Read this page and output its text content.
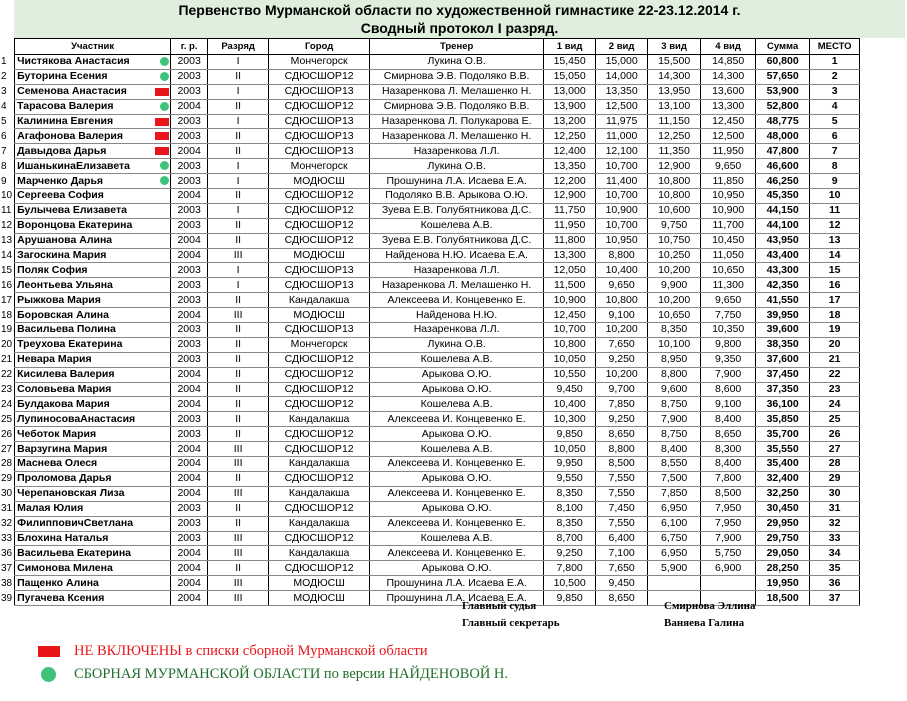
Первенство Мурманской области по художественной гимнастике 22-23.12.2014 г.
Сводный протокол I разряд.
	Участник	г. р.	Разряд	Город	Тренер	1 вид	2 вид	3 вид	4 вид	Сумма	МЕСТО
1	Чистякова Анастасия	2003	I	Мончегорск	Лукина О.В.	15,450	15,000	15,500	14,850	60,800	1
2	Буторина Есения	2003	II	СДЮСШОР12	Смирнова Э.В. Подоляко В.В.	15,050	14,000	14,300	14,300	57,650	2
3	Семенова Анастасия	2003	I	СДЮСШОР13	Назаренкова Л. Мелашенко Н.	13,000	13,350	13,950	13,600	53,900	3
4	Тарасова Валерия	2004	II	СДЮСШОР12	Смирнова Э.В. Подоляко В.В.	13,900	12,500	13,100	13,300	52,800	4
5	Калинина Евгения	2003	I	СДЮСШОР13	Назаренкова Л. Полукарова Е.	13,200	11,975	11,150	12,450	48,775	5
6	Агафонова Валерия	2003	II	СДЮСШОР13	Назаренкова Л. Мелашенко Н.	12,250	11,000	12,250	12,500	48,000	6
7	Давыдова Дарья	2004	II	СДЮСШОР13	Назаренкова Л.Л.	12,400	12,100	11,350	11,950	47,800	7
8	ИшанькинаЕлизавета	2003	I	Мончегорск	Лукина О.В.	13,350	10,700	12,900	9,650	46,600	8
9	Марченко Дарья	2003	I	МОДЮСШ	Прошунина Л.А. Исаева Е.А.	12,200	11,400	10,800	11,850	46,250	9
10	Сергеева София	2004	II	СДЮСШОР12	Подоляко В.В. Арыкова О.Ю.	12,900	10,700	10,800	10,950	45,350	10
11	Булычева Елизавета	2003	I	СДЮСШОР12	Зуева Е.В. Голубятникова Д.С.	11,750	10,900	10,600	10,900	44,150	11
12	Воронцова Екатерина	2003	II	СДЮСШОР12	Кошелева А.В.	11,950	10,700	9,750	11,700	44,100	12
13	Арушанова Алина	2004	II	СДЮСШОР12	Зуева Е.В. Голубятникова Д.С.	11,800	10,950	10,750	10,450	43,950	13
14	Загоскина Мария	2004	III	МОДЮСШ	Найденова Н.Ю. Исаева Е.А.	13,300	8,800	10,250	11,050	43,400	14
15	Поляк София	2003	I	СДЮСШОР13	Назаренкова Л.Л.	12,050	10,400	10,200	10,650	43,300	15
16	Леонтьева Ульяна	2003	I	СДЮСШОР13	Назаренкова Л. Мелашенко Н.	11,500	9,650	9,900	11,300	42,350	16
17	Рыжкова Мария	2003	II	Кандалакша	Алексеева И. Концевенко Е.	10,900	10,800	10,200	9,650	41,550	17
18	Боровская Алина	2004	III	МОДЮСШ	Найденова Н.Ю.	12,450	9,100	10,650	7,750	39,950	18
19	Васильева Полина	2003	II	СДЮСШОР13	Назаренкова Л.Л.	10,700	10,200	8,350	10,350	39,600	19
20	Треухова Екатерина	2003	II	Мончегорск	Лукина О.В.	10,800	7,650	10,100	9,800	38,350	20
21	Невара Мария	2003	II	СДЮСШОР12	Кошелева А.В.	10,050	9,250	8,950	9,350	37,600	21
22	Кисилева Валерия	2004	II	СДЮСШОР12	Арыкова О.Ю.	10,550	10,200	8,800	7,900	37,450	22
23	Соловьева Мария	2004	II	СДЮСШОР12	Арыкова О.Ю.	9,450	9,700	9,600	8,600	37,350	23
24	Булдакова Мария	2004	II	СДЮСШОР12	Кошелева А.В.	10,400	7,850	8,750	9,100	36,100	24
25	ЛупиносоваАнастасия	2003	II	Кандалакша	Алексеева И. Концевенко Е.	10,300	9,250	7,900	8,400	35,850	25
26	Чеботок Мария	2003	II	СДЮСШОР12	Арыкова О.Ю.	9,850	8,650	8,750	8,650	35,700	26
27	Варзугина Мария	2004	III	СДЮСШОР12	Кошелева А.В.	10,050	8,800	8,400	8,300	35,550	27
28	Маснева Олеся	2004	III	Кандалакша	Алексеева И. Концевенко Е.	9,950	8,500	8,550	8,400	35,400	28
29	Проломова Дарья	2004	II	СДЮСШОР12	Арыкова О.Ю.	9,550	7,550	7,500	7,800	32,400	29
30	Черепановская Лиза	2004	III	Кандалакша	Алексеева И. Концевенко Е.	8,350	7,550	7,850	8,500	32,250	30
31	Малая Юлия	2003	II	СДЮСШОР12	Арыкова О.Ю.	8,100	7,450	6,950	7,950	30,450	31
32	ФилипповичСветлана	2003	II	Кандалакша	Алексеева И. Концевенко Е.	8,350	7,550	6,100	7,950	29,950	32
33	Блохина Наталья	2003	III	СДЮСШОР12	Кошелева А.В.	8,700	6,400	6,750	7,900	29,750	33
36	Васильева Екатерина	2004	III	Кандалакша	Алексеева И. Концевенко Е.	9,250	7,100	6,950	5,750	29,050	34
37	Симонова Милена	2004	II	СДЮСШОР12	Арыкова О.Ю.	7,800	7,650	5,900	6,900	28,250	35
38	Пащенко Алина	2004	III	МОДЮСШ	Прошунина Л.А. Исаева Е.А.	10,500	9,450			19,950	36
39	Пугачева Ксения	2004	III	МОДЮСШ	Прошунина Л.А. Исаева Е.А.	9,850	8,650			18,500	37
Главный судья	Смирнова Эллина
Главный секретарь	Ваняева Галина
НЕ ВКЛЮЧЕНЫ в списки сборной Мурманской области
СБОРНАЯ МУРМАНСКОЙ ОБЛАСТИ по версии НАЙДЕНОВОЙ Н.
